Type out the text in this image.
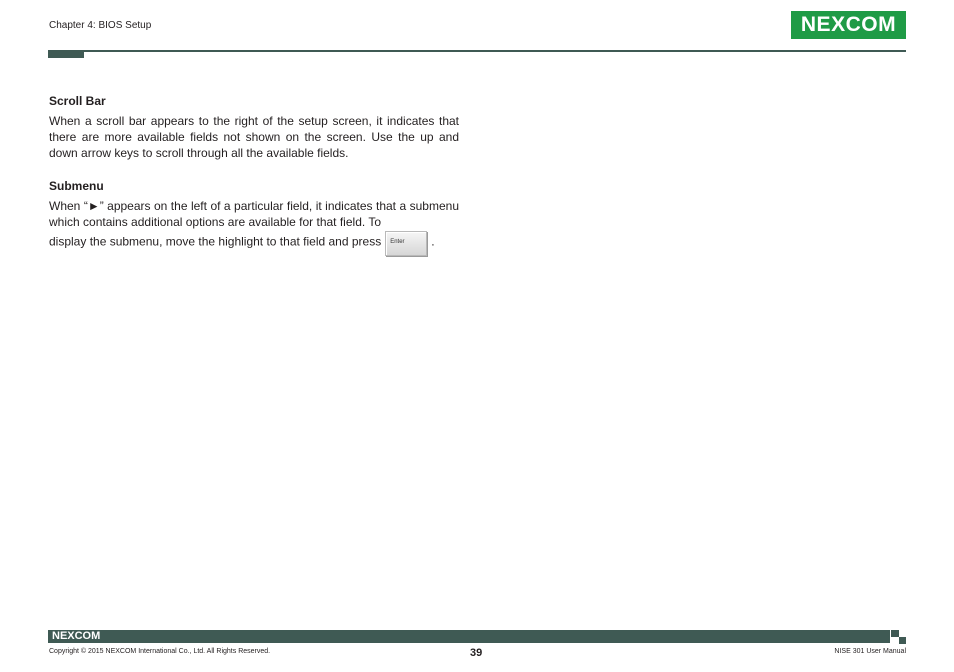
Chapter 4: BIOS Setup	NE X COM
Scroll Bar
When a scroll bar appears to the right of the setup screen, it indicates that there are more available fields not shown on the screen. Use the up and down arrow keys to scroll through all the available fields.
Submenu
When “►” appears on the left of a particular field, it indicates that a submenu which contains additional options are available for that field. To
display the submenu, move the highlight to that field and press Enter .
NEXCOM
Copyright © 2015 NEXCOM International Co., Ltd. All Rights Reserved.	39	NISE 301 User Manual
